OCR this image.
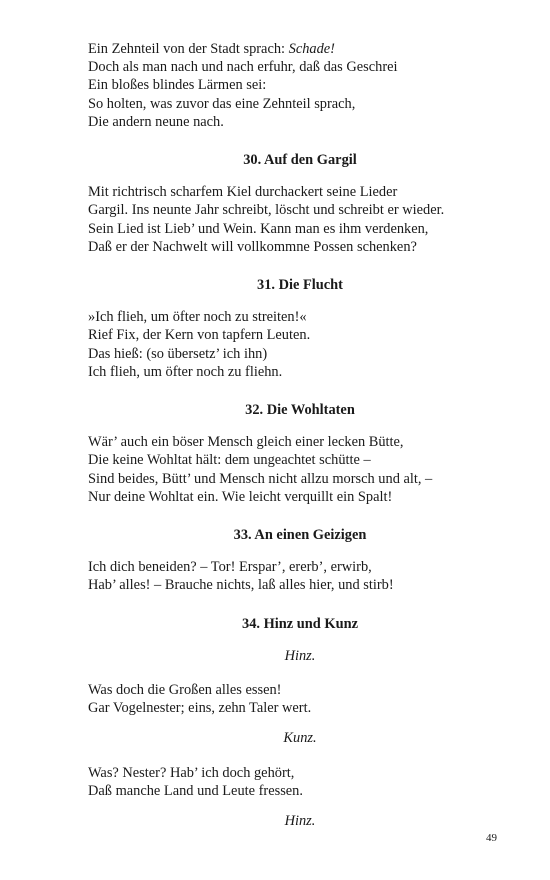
Ein Zehnteil von der Stadt sprach: Schade!
Doch als man nach und nach erfuhr, daß das Geschrei
Ein bloßes blindes Lärmen sei:
So holten, was zuvor das eine Zehnteil sprach,
Die andern neune nach.
30. Auf den Gargil
Mit richtrisch scharfem Kiel durchackert seine Lieder
Gargil. Ins neunte Jahr schreibt, löscht und schreibt er wieder.
Sein Lied ist Lieb’ und Wein. Kann man es ihm verdenken,
Daß er der Nachwelt will vollkommne Possen schenken?
31. Die Flucht
»Ich flieh, um öfter noch zu streiten!«
Rief Fix, der Kern von tapfern Leuten.
Das hieß: (so übersetz’ ich ihn)
Ich flieh, um öfter noch zu fliehn.
32. Die Wohltaten
Wär’ auch ein böser Mensch gleich einer lecken Bütte,
Die keine Wohltat hält: dem ungeachtet schütte –
Sind beides, Bütt’ und Mensch nicht allzu morsch und alt, –
Nur deine Wohltat ein. Wie leicht verquillt ein Spalt!
33. An einen Geizigen
Ich dich beneiden? – Tor! Erspar’, ererb’, erwirb,
Hab’ alles! – Brauche nichts, laß alles hier, und stirb!
34. Hinz und Kunz
Hinz.
Was doch die Großen alles essen!
Gar Vogelnester; eins, zehn Taler wert.
Kunz.
Was? Nester? Hab’ ich doch gehört,
Daß manche Land und Leute fressen.
Hinz.
49
